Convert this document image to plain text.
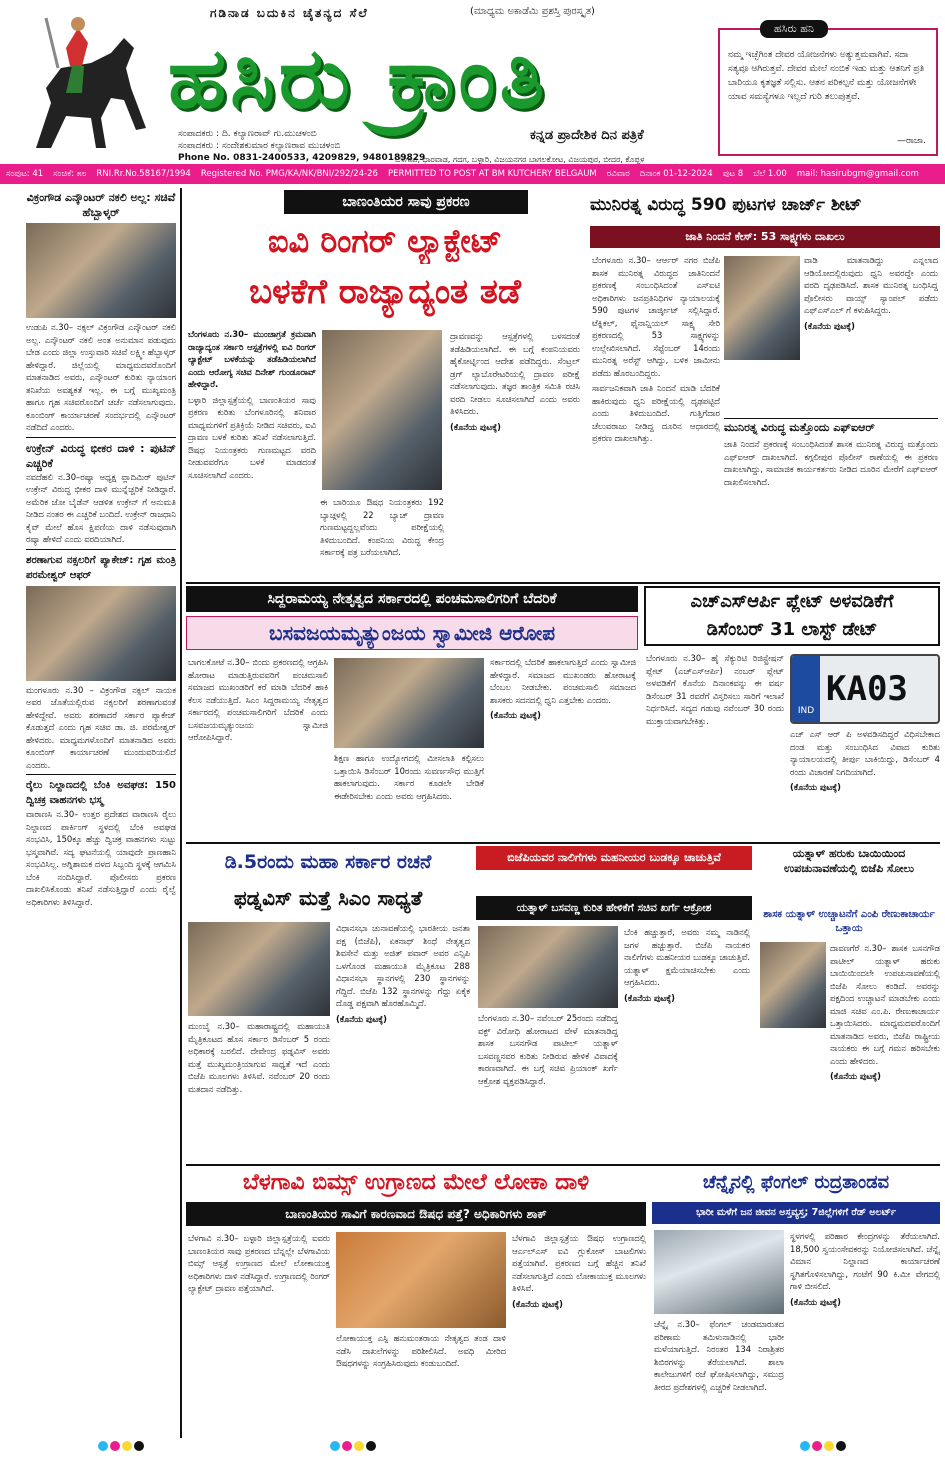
ಗಡಿನಾಡ ಬದುಕಿನ ಚೈತನ್ಯದ ಸೆಲೆ	(ಮಾಧ್ಯಮ ಅಕಾಡೆಮಿ ಪ್ರಶಸ್ತಿ ಪುರಸ್ಕೃತ)
ಹಸಿರು ಕ್ರಾಂತಿ
ಕನ್ನಡ ಪ್ರಾದೇಶಿಕ ದಿನ ಪತ್ರಿಕೆ
ಸಂಪಾದಕರು : ದಿ. ಕಲ್ಯಾಣರಾವ್ ಗು.ಮುಚಳಂಬಿ
ಸಂಪಾದಕರು : ಸಂದೇಶಕುಮಾರ ಕಲ್ಯಾಣರಾವ ಮುಚಳಂಬಿ
Phone No. 0831-2400533, 4209829, 9480189829
ಬೆಳಗಾವಿ, ಧಾರವಾಡ, ಗದಗ, ಬಳ್ಳಾರಿ, ವಿಜಯನಗರ ಬಾಗಲಕೋಟ, ವಿಜಯಪುರ, ಬೀದರ, ಕೊಪ್ಪಳ
ಹಸಿರು ಹನಿ
ನಮ್ಮ ಇಚ್ಛೆಗಿಂತ ದೇವರ ಯೋಜನೆಗಳು ಅತ್ಯುತ್ತಮವಾಗಿವೆ. ಸದಾ ಸತ್ಯವೂ ಆಗಿರುತ್ತವೆ. ದೇವರ ಮೇಲೆ ನಂಬಿಕೆ ಇಡು ಮತ್ತು ಆತನಿಗೆ ಪ್ರತಿ ಬಾರಿಯೂ ಕೃತಜ್ಞತೆ ಸಲ್ಲಿಸು. ಆತನ ಪರಿಕಲ್ಪನೆ ಮತ್ತು ಯೋಜನೆಗಳೇ ಯಾವ ಸಮಸ್ಯೆಗಳೂ ಇಲ್ಲದೆ ಗುರಿ ತಲುಪುತ್ತವೆ.
—ರಾಜಾ.
ಸಂಪುಟ: 41 ಸಂಚಿಕೆ: ೫೮ RNI.Rr.No.58167/1994 Registered No. PMG/KA/NK/BNI/292/24-26 PERMITTED TO POST AT BM KUTCHERY BELGAUM ರವಿವಾರ ದಿನಾಂಕ 01-12-2024 ಪುಟ 8 ಬೆಲೆ 1.00 mail: hasirubgm@gmail.com
ವಿಕ್ರಂಗೌಡ ಎನ್ಕೌಂಟರ್ ನಕಲಿ ಅಲ್ಲ: ಸಚಿವೆ ಹೆಬ್ಬಾಳ್ಕರ್

ಉಡುಪಿ ನ.30– ನಕ್ಸಲ್ ವಿಕ್ರಂಗೌಡ ಎನ್ಕೌಂಟರ್ ನಕಲಿ ಅಲ್ಲ. ಎನ್ಕೌಂಟರ್ ನಕಲಿ ಅಂತ ಅನುಮಾನ ಪಡುವುದು ಬೇಡ ಎಂದು ಜಿಲ್ಲಾ ಉಸ್ತುವಾರಿ ಸಚಿವೆ ಲಕ್ಷ್ಮೀ ಹೆಬ್ಬಾಳ್ಕರ್ ಹೇಳಿದ್ದಾರೆ. ಜಿಲ್ಲೆಯಲ್ಲಿ ಮಾಧ್ಯಮದವರೊಂದಿಗೆ ಮಾತನಾಡಿದ ಅವರು, ಎನ್ಕೌಂಟರ್ ಕುರಿತು ನ್ಯಾಯಾಂಗ ತನಿಖೆಯ ಅವಶ್ಯಕತೆ ಇಲ್ಲ. ಈ ಬಗ್ಗೆ ಮುಖ್ಯಮಂತ್ರಿ ಹಾಗೂ ಗೃಹ ಸಚಿವರೊಂದಿಗೆ ಚರ್ಚೆ ನಡೆಸಲಾಗುವುದು. ಕೂಂಬಿಂಗ್ ಕಾರ್ಯಾಚರಣೆ ಸಂದರ್ಭದಲ್ಲಿ ಎನ್ಕೌಂಟರ್ ನಡೆದಿದೆ ಎಂದರು.

ಉಕ್ರೇನ್ ವಿರುದ್ಧ ಭೀಕರ ದಾಳಿ : ಪುಟಿನ್ ಎಚ್ಚರಿಕೆ

ನವದೆಹಲಿ ನ.30–ರಷ್ಯಾ ಅಧ್ಯಕ್ಷ ವ್ಲಾದಿಮಿರ್ ಪುಟಿನ್ ಉಕ್ರೇನ್ ವಿರುದ್ಧ ಭೀಕರ ದಾಳಿ ಮುನ್ನೆಚ್ಚರಿಕೆ ನೀಡಿದ್ದಾರೆ. ಅಮೆರಿಕ ಜೋ ಬೈಡೆನ್ ಆಡಳಿತ ಉಕ್ರೇನ್ ಗೆ ಅನುಮತಿ ನೀಡಿದ ನಂತರ ಈ ಎಚ್ಚರಿಕೆ ಬಂದಿದೆ. ಉಕ್ರೇನ್ ರಾಜಧಾನಿ ಕೈವ್ ಮೇಲೆ ಹೊಸ ಕ್ಷಿಪಣಿಯ ದಾಳಿ ನಡೆಸುವುದಾಗಿ ರಷ್ಯಾ ಹೇಳಿದೆ ಎಂದು ವರದಿಯಾಗಿದೆ.

ಶರಣಾಗುವ ನಕ್ಸಲರಿಗೆ ಪ್ಯಾಕೇಜ್: ಗೃಹ ಮಂತ್ರಿ ಪರಮೇಶ್ವರ್ ಆಫರ್

ಮಂಗಳೂರು ನ.30 – ವಿಕ್ರಂಗೌಡ ನಕ್ಸಲ್ ನಾಯಕ ಅವರ ಜೊತೆಯಲ್ಲಿರುವ ನಕ್ಸಲರಿಗೆ ಶರಣಾಗುವಂತೆ ಹೇಳಿದ್ದೇವೆ. ಅವರು ಶರಣಾದರೆ ಸರ್ಕಾರ ಪ್ಯಾಕೇಜ್ ಕೊಡುತ್ತದೆ ಎಂದು ಗೃಹ ಸಚಿವ ಡಾ. ಜಿ. ಪರಮೇಶ್ವರ್ ಹೇಳಿದರು. ಮಾಧ್ಯಮಗಳೊಂದಿಗೆ ಮಾತನಾಡಿದ ಅವರು ಕೂಂಬಿಂಗ್ ಕಾರ್ಯಾಚರಣೆ ಮುಂದುವರಿಯಲಿದೆ ಎಂದರು.

ರೈಲು ನಿಲ್ದಾಣದಲ್ಲಿ ಬೆಂಕಿ ಅವಘಡ: 150 ದ್ವಿಚಕ್ರ ವಾಹನಗಳು ಭಸ್ಮ

ವಾರಾಣಸಿ ನ.30– ಉತ್ತರ ಪ್ರದೇಶದ ವಾರಾಣಸಿ ರೈಲು ನಿಲ್ದಾಣದ ಪಾರ್ಕಿಂಗ್ ಸ್ಥಳದಲ್ಲಿ ಬೆಂಕಿ ಅವಘಡ ಸಂಭವಿಸಿ, 150ಕ್ಕೂ ಹೆಚ್ಚು ದ್ವಿಚಕ್ರ ವಾಹನಗಳು ಸುಟ್ಟು ಭಸ್ಮವಾಗಿವೆ. ಸದ್ಯ ಘಟನೆಯಲ್ಲಿ ಯಾವುದೇ ಪ್ರಾಣಹಾನಿ ಸಂಭವಿಸಿಲ್ಲ. ಅಗ್ನಿಶಾಮಕ ದಳದ ಸಿಬ್ಬಂದಿ ಸ್ಥಳಕ್ಕೆ ಆಗಮಿಸಿ ಬೆಂಕಿ ನಂದಿಸಿದ್ದಾರೆ. ಪೊಲೀಸರು ಪ್ರಕರಣ ದಾಖಲಿಸಿಕೊಂಡು ತನಿಖೆ ನಡೆಸುತ್ತಿದ್ದಾರೆ ಎಂದು ರೈಲ್ವೆ ಅಧಿಕಾರಿಗಳು ತಿಳಿಸಿದ್ದಾರೆ.

ಬಾಣಂತಿಯರ ಸಾವು ಪ್ರಕರಣ
ಐವಿ ರಿಂಗರ್ ಲ್ಯಾಕ್ಟೇಟ್
ಬಳಕೆಗೆ ರಾಜ್ಯಾದ್ಯಂತ ತಡೆ

ಬೆಂಗಳೂರು ನ.30– ಮುಂಜಾಗ್ರತೆ ಕ್ರಮವಾಗಿ ರಾಜ್ಯಾದ್ಯಂತ ಸರ್ಕಾರಿ ಆಸ್ಪತ್ರೆಗಳಲ್ಲಿ ಐವಿ ರಿಂಗರ್ ಲ್ಯಾಕ್ಟೇಟ್ ಬಳಕೆಯನ್ನು ತಡೆಹಿಡಿಯಲಾಗಿದೆ ಎಂದು ಆರೋಗ್ಯ ಸಚಿವ ದಿನೇಶ್ ಗುಂಡೂರಾವ್ ಹೇಳಿದ್ದಾರೆ.

ಬಳ್ಳಾರಿ ಜಿಲ್ಲಾಸ್ಪತ್ರೆಯಲ್ಲಿ ಬಾಣಂತಿಯರ ಸಾವು ಪ್ರಕರಣ ಕುರಿತು ಬೆಂಗಳೂರಿನಲ್ಲಿ ಶನಿವಾರ ಮಾಧ್ಯಮಗಳಿಗೆ ಪ್ರತಿಕ್ರಿಯೆ ನೀಡಿದ ಸಚಿವರು, ಐವಿ ದ್ರಾವಣ ಬಳಕೆ ಕುರಿತು ತನಿಖೆ ನಡೆಸಲಾಗುತ್ತಿದೆ. ಔಷಧ ನಿಯಂತ್ರಕರು ಗುಣಮಟ್ಟದ ವರದಿ ನೀಡುವವರೆಗೂ ಬಳಕೆ ಮಾಡದಂತೆ ಸೂಚಿಸಲಾಗಿದೆ ಎಂದರು.

ಈ ಬಾರಿಯೂ ಔಷಧ ನಿಯಂತ್ರಕರು 192 ಬ್ಯಾಚ್ಗಳಲ್ಲಿ 22 ಬ್ಯಾಚ್ ದ್ರಾವಣ ಗುಣಮಟ್ಟದ್ದಲ್ಲವೆಂದು ಪರೀಕ್ಷೆಯಲ್ಲಿ ತಿಳಿದುಬಂದಿದೆ. ಕಂಪನಿಯ ವಿರುದ್ಧ ಕೇಂದ್ರ ಸರ್ಕಾರಕ್ಕೆ ಪತ್ರ ಬರೆಯಲಾಗಿದೆ.

ದ್ರಾವಣವನ್ನು ಆಸ್ಪತ್ರೆಗಳಲ್ಲಿ ಬಳಸದಂತೆ ತಡೆಹಿಡಿಯಲಾಗಿದೆ. ಈ ಬಗ್ಗೆ ಕಂಪನಿಯವರು ಹೈಕೋರ್ಟ್ನಿಂದ ಆದೇಶ ಪಡೆದಿದ್ದರು. ಸೆಂಟ್ರಲ್ ಡ್ರಗ್ ಲ್ಯಾಬೊರೇಟರಿಯಲ್ಲಿ ದ್ರಾವಣ ಪರೀಕ್ಷೆ ನಡೆಸಲಾಗುವುದು. ತಜ್ಞರ ತಾಂತ್ರಿಕ ಸಮಿತಿ ರಚಿಸಿ ವರದಿ ನೀಡಲು ಸೂಚಿಸಲಾಗಿದೆ ಎಂದು ಅವರು ತಿಳಿಸಿದರು.

(ಕೊನೆಯ ಪುಟಕ್ಕೆ)

ಮುನಿರತ್ನ ವಿರುದ್ಧ 590 ಪುಟಗಳ ಚಾರ್ಜ್ ಶೀಟ್
ಜಾತಿ ನಿಂದನೆ ಕೇಸ್: 53 ಸಾಕ್ಷ್ಯಗಳು ದಾಖಲು

ಬೆಂಗಳೂರು ನ.30– ಆರ್ಆರ್ ನಗರ ಬಿಜೆಪಿ ಶಾಸಕ ಮುನಿರತ್ನ ವಿರುದ್ಧದ ಜಾತಿನಿಂದನೆ ಪ್ರಕರಣಕ್ಕೆ ಸಂಬಂಧಿಸಿದಂತೆ ಎಸ್ಐಟಿ ಅಧಿಕಾರಿಗಳು ಜನಪ್ರತಿನಿಧಿಗಳ ನ್ಯಾಯಾಲಯಕ್ಕೆ 590 ಪುಟಗಳ ಚಾರ್ಜ್ಶೀಟ್ ಸಲ್ಲಿಸಿದ್ದಾರೆ. ಟೆಕ್ನಿಕಲ್, ಫೈನಾನ್ಷಿಯಲ್ ಸಾಕ್ಷ್ಯ ಸೇರಿ ಪ್ರಕರಣದಲ್ಲಿ 53 ಸಾಕ್ಷ್ಯಗಳನ್ನು ಉಲ್ಲೇಖಿಸಲಾಗಿದೆ. ಸೆಪ್ಟೆಂಬರ್ 14ರಂದು ಮುನಿರತ್ನ ಅರೆಸ್ಟ್ ಆಗಿದ್ದು, ಬಳಿಕ ಜಾಮೀನು ಪಡೆದು ಹೊರಬಂದಿದ್ದರು.

ಸಾರ್ವಜನಿಕವಾಗಿ ಜಾತಿ ನಿಂದನೆ ಮಾಡಿ ಬೆದರಿಕೆ ಹಾಕಿರುವುದು ಧ್ವನಿ ಪರೀಕ್ಷೆಯಲ್ಲಿ ದೃಢಪಟ್ಟಿದೆ ಎಂದು ತಿಳಿದುಬಂದಿದೆ. ಗುತ್ತಿಗೆದಾರ ಚೆಲುವರಾಜು ನೀಡಿದ್ದ ದೂರಿನ ಆಧಾರದಲ್ಲಿ ಪ್ರಕರಣ ದಾಖಲಾಗಿತ್ತು.

ವಾಡಿ ಮಾತನಾಡಿದ್ದು ಎನ್ನಲಾದ ಆಡಿಯೋದಲ್ಲಿರುವುದು ಧ್ವನಿ ಅವರದ್ದೇ ಎಂದು ವರದಿ ದೃಢಪಡಿಸಿದೆ. ಶಾಸಕ ಮುನಿರತ್ನ ಬಂಧಿಸಿದ್ದ ಪೊಲೀಸರು ವಾಯ್ಸ್ ಸ್ಯಾಂಪಲ್ ಪಡೆದು ಎಫ್ಎಸ್ಎಲ್ ಗೆ ಕಳುಹಿಸಿದ್ದರು.

(ಕೊನೆಯ ಪುಟಕ್ಕೆ)

ಮುನಿರತ್ನ ವಿರುದ್ಧ ಮತ್ತೊಂದು ಎಫ್ಐಆರ್
ಜಾತಿ ನಿಂದನೆ ಪ್ರಕರಣಕ್ಕೆ ಸಂಬಂಧಿಸಿದಂತೆ ಶಾಸಕ ಮುನಿರತ್ನ ವಿರುದ್ಧ ಮತ್ತೊಂದು ಎಫ್ಐಆರ್ ದಾಖಲಾಗಿದೆ. ಕಗ್ಗಲೀಪುರ ಪೊಲೀಸ್ ಠಾಣೆಯಲ್ಲಿ ಈ ಪ್ರಕರಣ ದಾಖಲಾಗಿದ್ದು, ಸಾಮಾಜಿಕ ಕಾರ್ಯಕರ್ತರು ನೀಡಿದ ದೂರಿನ ಮೇರೆಗೆ ಎಫ್ಐಆರ್ ದಾಖಲಿಸಲಾಗಿದೆ.
ಸಿದ್ದರಾಮಯ್ಯ ನೇತೃತ್ವದ ಸರ್ಕಾರದಲ್ಲಿ ಪಂಚಮಸಾಲಿಗರಿಗೆ ಬೆದರಿಕೆ
ಬಸವಜಯಮೃತ್ಯುಂಜಯ ಸ್ವಾಮೀಜಿ ಆರೋಪ
ಬಾಗಲಕೋಟೆ ನ.30– ಬಿಂದು ಪ್ರಕರಣದಲ್ಲಿ ಆಗ್ರಹಿಸಿ ಹೋರಾಟ ಮಾಡುತ್ತಿರುವವರಿಗೆ ಪಂಚಮಸಾಲಿ ಸಮಾಜದ ಮುಖಂಡರಿಗೆ ಕರೆ ಮಾಡಿ ಬೆದರಿಕೆ ಹಾಕಿ ಕೆಲಸ ನಡೆಯುತ್ತಿದೆ. ಸಿಎಂ ಸಿದ್ದರಾಮಯ್ಯ ನೇತೃತ್ವದ ಸರ್ಕಾರದಲ್ಲಿ ಪಂಚಮಸಾಲಿಗರಿಗೆ ಬೆದರಿಕೆ ಎಂದು ಬಸವಜಯಮೃತ್ಯುಂಜಯ ಸ್ವಾಮೀಜಿ ಆರೋಪಿಸಿದ್ದಾರೆ.
ಶಿಕ್ಷಣ ಹಾಗೂ ಉದ್ಯೋಗದಲ್ಲಿ ಮೀಸಲಾತಿ ಕಲ್ಪಿಸಲು ಒತ್ತಾಯಿಸಿ ಡಿಸೆಂಬರ್ 10ರಂದು ಸುವರ್ಣಸೌಧ ಮುತ್ತಿಗೆ ಹಾಕಲಾಗುವುದು. ಸರ್ಕಾರ ಕೂಡಲೇ ಬೇಡಿಕೆ ಈಡೇರಿಸಬೇಕು ಎಂದು ಅವರು ಆಗ್ರಹಿಸಿದರು.

ಸರ್ಕಾರದಲ್ಲಿ ಬೆದರಿಕೆ ಹಾಕಲಾಗುತ್ತಿದೆ ಎಂದು ಸ್ವಾಮೀಜಿ ಹೇಳಿದ್ದಾರೆ. ಸಮಾಜದ ಮುಖಂಡರು ಹೋರಾಟಕ್ಕೆ ಬೆಂಬಲ ನೀಡಬೇಕು. ಪಂಚಮಸಾಲಿ ಸಮಾಜದ ಶಾಸಕರು ಸದನದಲ್ಲಿ ಧ್ವನಿ ಎತ್ತಬೇಕು ಎಂದರು.

(ಕೊನೆಯ ಪುಟಕ್ಕೆ)

ಎಚ್ಎಸ್ಆರ್ಪಿ ಪ್ಲೇಟ್ ಅಳವಡಿಕೆಗೆ
ಡಿಸೆಂಬರ್ 31 ಲಾಸ್ಟ್ ಡೇಟ್
ಬೆಂಗಳೂರು ನ.30– ಹೈ ಸೆಕ್ಯುರಿಟಿ ರಿಜಿಸ್ಟ್ರೇಷನ್ ಪ್ಲೇಟ್ (ಎಚ್ಎಸ್ಆರ್ಪಿ) ನಂಬರ್ ಪ್ಲೇಟ್ ಅಳವಡಿಕೆಗೆ ಕೊನೆಯ ದಿನಾಂಕವನ್ನು ಈ ವರ್ಷ ಡಿಸೆಂಬರ್ 31 ರವರೆಗೆ ವಿಸ್ತರಿಸಲು ಸಾರಿಗೆ ಇಲಾಖೆ ನಿರ್ಧರಿಸಿದೆ. ಸದ್ಯದ ಗಡುವು ನವೆಂಬರ್ 30 ರಂದು ಮುಕ್ತಾಯವಾಗಬೇಕಿತ್ತು.
IND
KA03

ಎಚ್ ಎಸ್ ಆರ್ ಪಿ ಅಳವಡಿಸದಿದ್ದರೆ ವಿಧಿಸಬೇಕಾದ ದಂಡ ಮತ್ತು ಸಂಬಂಧಿಸಿದ ವಿವಾದ ಕುರಿತು ನ್ಯಾಯಾಲಯದಲ್ಲಿ ತೀರ್ಪು ಬಾಕಿಯಿದ್ದು, ಡಿಸೆಂಬರ್ 4 ರಂದು ವಿಚಾರಣೆ ನಿಗದಿಯಾಗಿದೆ.

(ಕೊನೆಯ ಪುಟಕ್ಕೆ)

ಡಿ.5ರಂದು ಮಹಾ ಸರ್ಕಾರ ರಚನೆ
ಫಡ್ನವಿಸ್ ಮತ್ತೆ ಸಿಎಂ ಸಾಧ್ಯತೆ
ಮುಂಬೈ ನ.30– ಮಹಾರಾಷ್ಟ್ರದಲ್ಲಿ ಮಹಾಯುತಿ ಮೈತ್ರಿಕೂಟದ ಹೊಸ ಸರ್ಕಾರ ಡಿಸೆಂಬರ್ 5 ರಂದು ಅಧಿಕಾರಕ್ಕೆ ಬರಲಿದೆ. ದೇವೇಂದ್ರ ಫಡ್ನವಿಸ್ ಅವರು ಮತ್ತೆ ಮುಖ್ಯಮಂತ್ರಿಯಾಗುವ ಸಾಧ್ಯತೆ ಇದೆ ಎಂದು ಬಿಜೆಪಿ ಮೂಲಗಳು ತಿಳಿಸಿವೆ. ನವೆಂಬರ್ 20 ರಂದು ಮತದಾನ ನಡೆದಿತ್ತು.

ವಿಧಾನಸಭಾ ಚುನಾವಣೆಯಲ್ಲಿ ಭಾರತೀಯ ಜನತಾ ಪಕ್ಷ (ಬಿಜೆಪಿ), ಏಕನಾಥ್ ಶಿಂಧೆ ನೇತೃತ್ವದ ಶಿವಸೇನೆ ಮತ್ತು ಅಜಿತ್ ಪವಾರ್ ಅವರ ಎನ್ಸಿಪಿ ಒಳಗೊಂಡ ಮಹಾಯುತಿ ಮೈತ್ರಿಕೂಟ 288 ವಿಧಾನಸಭಾ ಸ್ಥಾನಗಳಲ್ಲಿ 230 ಸ್ಥಾನಗಳನ್ನು ಗೆದ್ದಿದೆ. ಬಿಜೆಪಿ 132 ಸ್ಥಾನಗಳನ್ನು ಗೆದ್ದು ಏಕೈಕ ದೊಡ್ಡ ಪಕ್ಷವಾಗಿ ಹೊರಹೊಮ್ಮಿದೆ.

(ಕೊನೆಯ ಪುಟಕ್ಕೆ)

ಬಿಜೆಪಿಯವರ ನಾಲಿಗೆಗಳು ಮಹನೀಯರ ಬುಡಕ್ಕೂ ಚಾಚುತ್ತಿವೆ
ಯತ್ನಾಳ್ ಬಸವಣ್ಣ ಕುರಿತ ಹೇಳಿಕೆಗೆ ಸಚಿವ ಖರ್ಗೆ ಆಕ್ರೋಶ
ಬೆಂಗಳೂರು ನ.30– ನವೆಂಬರ್ 25ರಂದು ನಡೆದಿದ್ದ ವಕ್ಫ್ ವಿರೋಧಿ ಹೋರಾಟದ ವೇಳೆ ಮಾತನಾಡಿದ್ದ ಶಾಸಕ ಬಸನಗೌಡ ಪಾಟೀಲ್ ಯತ್ನಾಳ್ ಬಸವಣ್ಣನವರ ಕುರಿತು ನೀಡಿರುವ ಹೇಳಿಕೆ ವಿವಾದಕ್ಕೆ ಕಾರಣವಾಗಿದೆ. ಈ ಬಗ್ಗೆ ಸಚಿವ ಪ್ರಿಯಾಂಕ್ ಖರ್ಗೆ ಆಕ್ರೋಶ ವ್ಯಕ್ತಪಡಿಸಿದ್ದಾರೆ.

ಬೆಂಕಿ ಹಚ್ಚುತ್ತಾರೆ, ಅವರು ನಮ್ಮ ನಾಡಿನಲ್ಲಿ ಜಗಳ ಹಚ್ಚುತ್ತಾರೆ. ಬಿಜೆಪಿ ನಾಯಕರ ನಾಲಿಗೆಗಳು ಮಹನೀಯರ ಬುಡಕ್ಕೂ ಚಾಚುತ್ತಿವೆ. ಯತ್ನಾಳ್ ಕ್ಷಮೆಯಾಚಿಸಬೇಕು ಎಂದು ಆಗ್ರಹಿಸಿದರು.

(ಕೊನೆಯ ಪುಟಕ್ಕೆ)

ಯತ್ನಾಳ್ ಹರುಕು ಬಾಯಿಯಿಂದ ಉಪಚುನಾವಣೆಯಲ್ಲಿ ಬಿಜೆಪಿ ಸೋಲು
ಶಾಸಕ ಯತ್ನಾಳ್ ಉಚ್ಚಾಟನೆಗೆ ಎಂಪಿ ರೇಣುಕಾಚಾರ್ಯ ಒತ್ತಾಯ

ದಾವಣಗೆರೆ ನ.30– ಶಾಸಕ ಬಸನಗೌಡ ಪಾಟೀಲ್ ಯತ್ನಾಳ್ ಹರುಕು ಬಾಯಿಯಿಂದಲೇ ಉಪಚುನಾವಣೆಯಲ್ಲಿ ಬಿಜೆಪಿ ಸೋಲು ಕಂಡಿದೆ. ಅವರನ್ನು ಪಕ್ಷದಿಂದ ಉಚ್ಚಾಟನೆ ಮಾಡಬೇಕು ಎಂದು ಮಾಜಿ ಸಚಿವ ಎಂ.ಪಿ. ರೇಣುಕಾಚಾರ್ಯ ಒತ್ತಾಯಿಸಿದರು. ಮಾಧ್ಯಮದವರೊಂದಿಗೆ ಮಾತನಾಡಿದ ಅವರು, ಬಿಜೆಪಿ ರಾಷ್ಟ್ರೀಯ ನಾಯಕರು ಈ ಬಗ್ಗೆ ಗಮನ ಹರಿಸಬೇಕು ಎಂದು ಹೇಳಿದರು.

(ಕೊನೆಯ ಪುಟಕ್ಕೆ)

ಬೆಳಗಾವಿ ಬಿಮ್ಸ್ ಉಗ್ರಾಣದ ಮೇಲೆ ಲೋಕಾ ದಾಳಿ
ಬಾಣಂತಿಯರ ಸಾವಿಗೆ ಕಾರಣವಾದ ಔಷಧ ಪತ್ತೆ? ಅಧಿಕಾರಿಗಳು ಶಾಕ್
ಬೆಳಗಾವಿ ನ.30– ಬಳ್ಳಾರಿ ಜಿಲ್ಲಾಸ್ಪತ್ರೆಯಲ್ಲಿ ಐವರು ಬಾಣಂತಿಯರ ಸಾವು ಪ್ರಕರಣದ ಬೆನ್ನಲ್ಲೇ ಬೆಳಗಾವಿಯ ಬಿಮ್ಸ್ ಆಸ್ಪತ್ರೆ ಉಗ್ರಾಣದ ಮೇಲೆ ಲೋಕಾಯುಕ್ತ ಅಧಿಕಾರಿಗಳು ದಾಳಿ ನಡೆಸಿದ್ದಾರೆ. ಉಗ್ರಾಣದಲ್ಲಿ ರಿಂಗರ್ ಲ್ಯಾಕ್ಟೇಟ್ ದ್ರಾವಣ ಪತ್ತೆಯಾಗಿದೆ.
ಲೋಕಾಯುಕ್ತ ಎಸ್ಪಿ ಹನುಮಂತರಾಯ ನೇತೃತ್ವದ ತಂಡ ದಾಳಿ ನಡೆಸಿ ದಾಖಲೆಗಳನ್ನು ಪರಿಶೀಲಿಸಿದೆ. ಅವಧಿ ಮೀರಿದ ಔಷಧಗಳನ್ನು ಸಂಗ್ರಹಿಸಿರುವುದು ಕಂಡುಬಂದಿದೆ.

ಬೆಳಗಾವಿ ಜಿಲ್ಲಾಸ್ಪತ್ರೆಯ ಔಷಧ ಉಗ್ರಾಣದಲ್ಲಿ ಆರ್ಎಲ್ಎಸ್ ಐವಿ ಗ್ಲುಕೋಸ್ ಬಾಟಲಿಗಳು ಪತ್ತೆಯಾಗಿವೆ. ಪ್ರಕರಣದ ಬಗ್ಗೆ ಹೆಚ್ಚಿನ ತನಿಖೆ ನಡೆಸಲಾಗುತ್ತಿದೆ ಎಂದು ಲೋಕಾಯುಕ್ತ ಮೂಲಗಳು ತಿಳಿಸಿವೆ.

(ಕೊನೆಯ ಪುಟಕ್ಕೆ)

ಚೆನ್ನೈನಲ್ಲಿ ಫೆಂಗಲ್ ರುದ್ರತಾಂಡವ
ಭಾರೀ ಮಳೆಗೆ ಜನ ಜೀವನ ಅಸ್ತವ್ಯಸ್ತ; 7ಜಿಲ್ಲೆಗಳಿಗೆ ರೆಡ್ ಅಲರ್ಟ್
ಚೆನ್ನೈ ನ.30– ಫೆಂಗಲ್ ಚಂಡಮಾರುತದ ಪರಿಣಾಮ ತಮಿಳುನಾಡಿನಲ್ಲಿ ಭಾರೀ ಮಳೆಯಾಗುತ್ತಿದೆ. ನಿರಂತರ 134 ನಿರಾಶ್ರಿತರ ಶಿಬಿರಗಳನ್ನು ತೆರೆಯಲಾಗಿದೆ. ಶಾಲಾ ಕಾಲೇಜುಗಳಿಗೆ ರಜೆ ಘೋಷಿಸಲಾಗಿದ್ದು, ಸಮುದ್ರ ತೀರದ ಪ್ರದೇಶಗಳಲ್ಲಿ ಎಚ್ಚರಿಕೆ ನೀಡಲಾಗಿದೆ.

ಸ್ಥಳಗಳಲ್ಲಿ ಪರಿಹಾರ ಕೇಂದ್ರಗಳನ್ನು ತೆರೆಯಲಾಗಿದೆ. 18,500 ಸ್ವಯಂಸೇವಕರನ್ನು ನಿಯೋಜಿಸಲಾಗಿದೆ. ಚೆನ್ನೈ ವಿಮಾನ ನಿಲ್ದಾಣದ ಕಾರ್ಯಾಚರಣೆ ಸ್ಥಗಿತಗೊಳಿಸಲಾಗಿದ್ದು, ಗಂಟೆಗೆ 90 ಕಿ.ಮೀ ವೇಗದಲ್ಲಿ ಗಾಳಿ ಬೀಸಲಿದೆ.

(ಕೊನೆಯ ಪುಟಕ್ಕೆ)
